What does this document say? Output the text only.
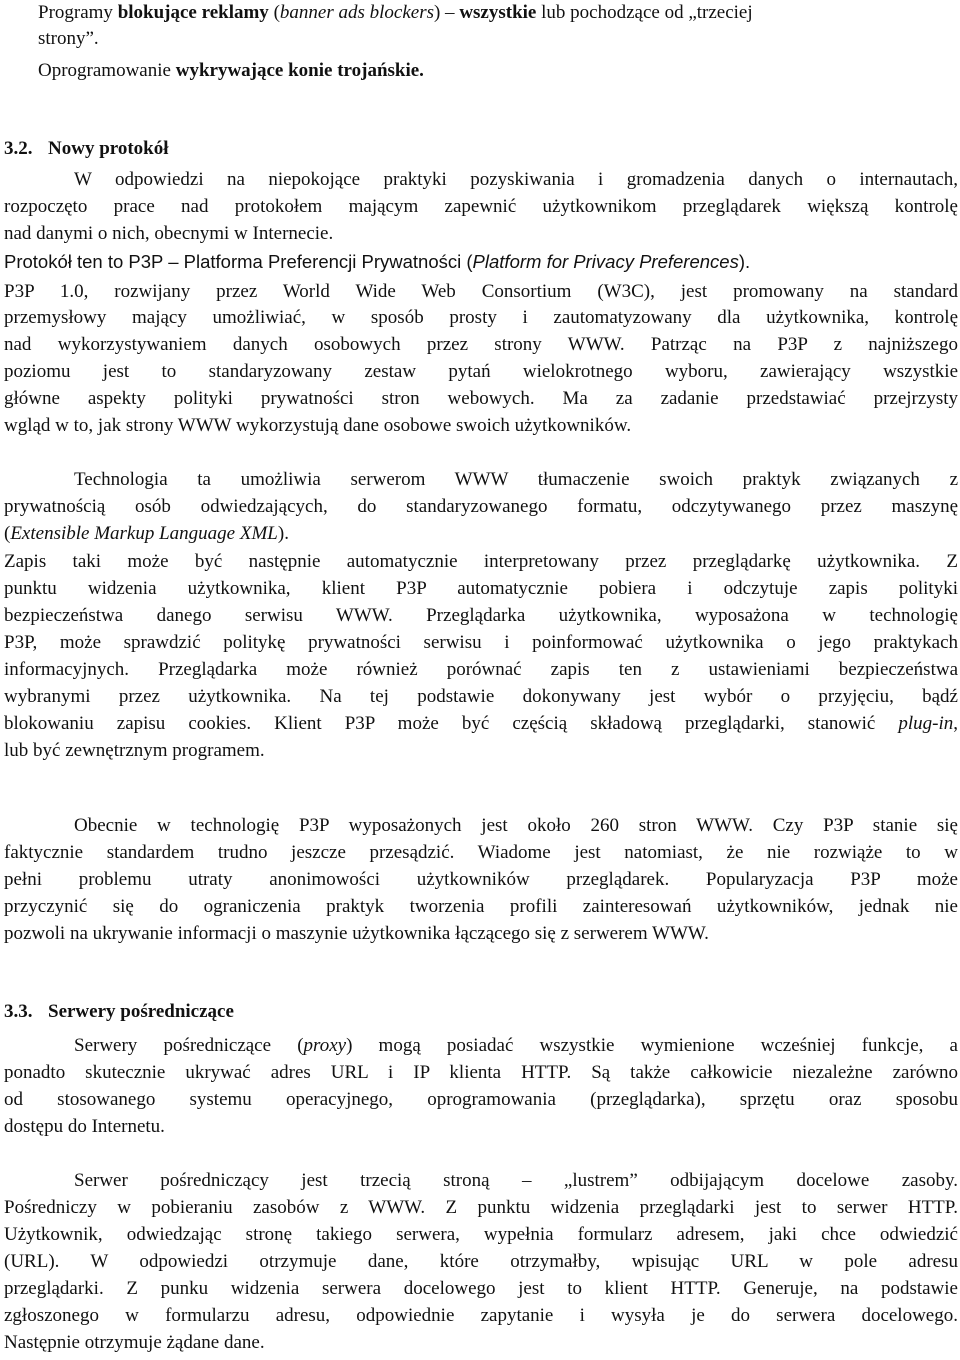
Programy blokujące reklamy (banner ads blockers) – wszystkie lub pochodzące od „trzeciej
strony”.
Oprogramowanie wykrywające konie trojańskie.
3.2. Nowy protokół
W odpowiedzi na niepokojące praktyki pozyskiwania i gromadzenia danych o internautach,
rozpoczęto prace nad protokołem mającym zapewnić użytkownikom przeglądarek większą kontrolę
nad danymi o nich, obecnymi w Internecie.
Protokół ten to P3P – Platforma Preferencji Prywatności (Platform for Privacy Preferences).
P3P 1.0, rozwijany przez World Wide Web Consortium (W3C), jest promowany na standard
przemysłowy mający umożliwiać, w sposób prosty i zautomatyzowany dla użytkownika, kontrolę
nad wykorzystywaniem danych osobowych przez strony WWW. Patrząc na P3P z najniższego
poziomu jest to standaryzowany zestaw pytań wielokrotnego wyboru, zawierający wszystkie
główne aspekty polityki prywatności stron webowych. Ma za zadanie przedstawiać przejrzysty
wgląd w to, jak strony WWW wykorzystują dane osobowe swoich użytkowników.
Technologia ta umożliwia serwerom WWW tłumaczenie swoich praktyk związanych z
prywatnością osób odwiedzających, do standaryzowanego formatu, odczytywanego przez maszynę
(Extensible Markup Language XML).
Zapis taki może być następnie automatycznie interpretowany przez przeglądarkę użytkownika. Z
punktu widzenia użytkownika, klient P3P automatycznie pobiera i odczytuje zapis polityki
bezpieczeństwa danego serwisu WWW. Przeglądarka użytkownika, wyposażona w technologię
P3P, może sprawdzić politykę prywatności serwisu i poinformować użytkownika o jego praktykach
informacyjnych. Przeglądarka może również porównać zapis ten z ustawieniami bezpieczeństwa
wybranymi przez użytkownika. Na tej podstawie dokonywany jest wybór o przyjęciu, bądź
blokowaniu zapisu cookies. Klient P3P może być częścią składową przeglądarki, stanowić plug-in,
lub być zewnętrznym programem.
Obecnie w technologię P3P wyposażonych jest około 260 stron WWW. Czy P3P stanie się
faktycznie standardem trudno jeszcze przesądzić. Wiadome jest natomiast, że nie rozwiąże to w
pełni problemu utraty anonimowości użytkowników przeglądarek. Popularyzacja P3P może
przyczynić się do ograniczenia praktyk tworzenia profili zainteresowań użytkowników, jednak nie
pozwoli na ukrywanie informacji o maszynie użytkownika łączącego się z serwerem WWW.
3.3. Serwery pośredniczące
Serwery pośredniczące (proxy) mogą posiadać wszystkie wymienione wcześniej funkcje, a
ponadto skutecznie ukrywać adres URL i IP klienta HTTP. Są także całkowicie niezależne zarówno
od stosowanego systemu operacyjnego, oprogramowania (przeglądarka), sprzętu oraz sposobu
dostępu do Internetu.
Serwer pośredniczący jest trzecią stroną – „lustrem” odbijającym docelowe zasoby.
Pośredniczy w pobieraniu zasobów z WWW. Z punktu widzenia przeglądarki jest to serwer HTTP.
Użytkownik, odwiedzając stronę takiego serwera, wypełnia formularz adresem, jaki chce odwiedzić
(URL). W odpowiedzi otrzymuje dane, które otrzymałby, wpisując URL w pole adresu
przeglądarki. Z punku widzenia serwera docelowego jest to klient HTTP. Generuje, na podstawie
zgłoszonego w formularzu adresu, odpowiednie zapytanie i wysyła je do serwera docelowego.
Następnie otrzymuje żądane dane.
